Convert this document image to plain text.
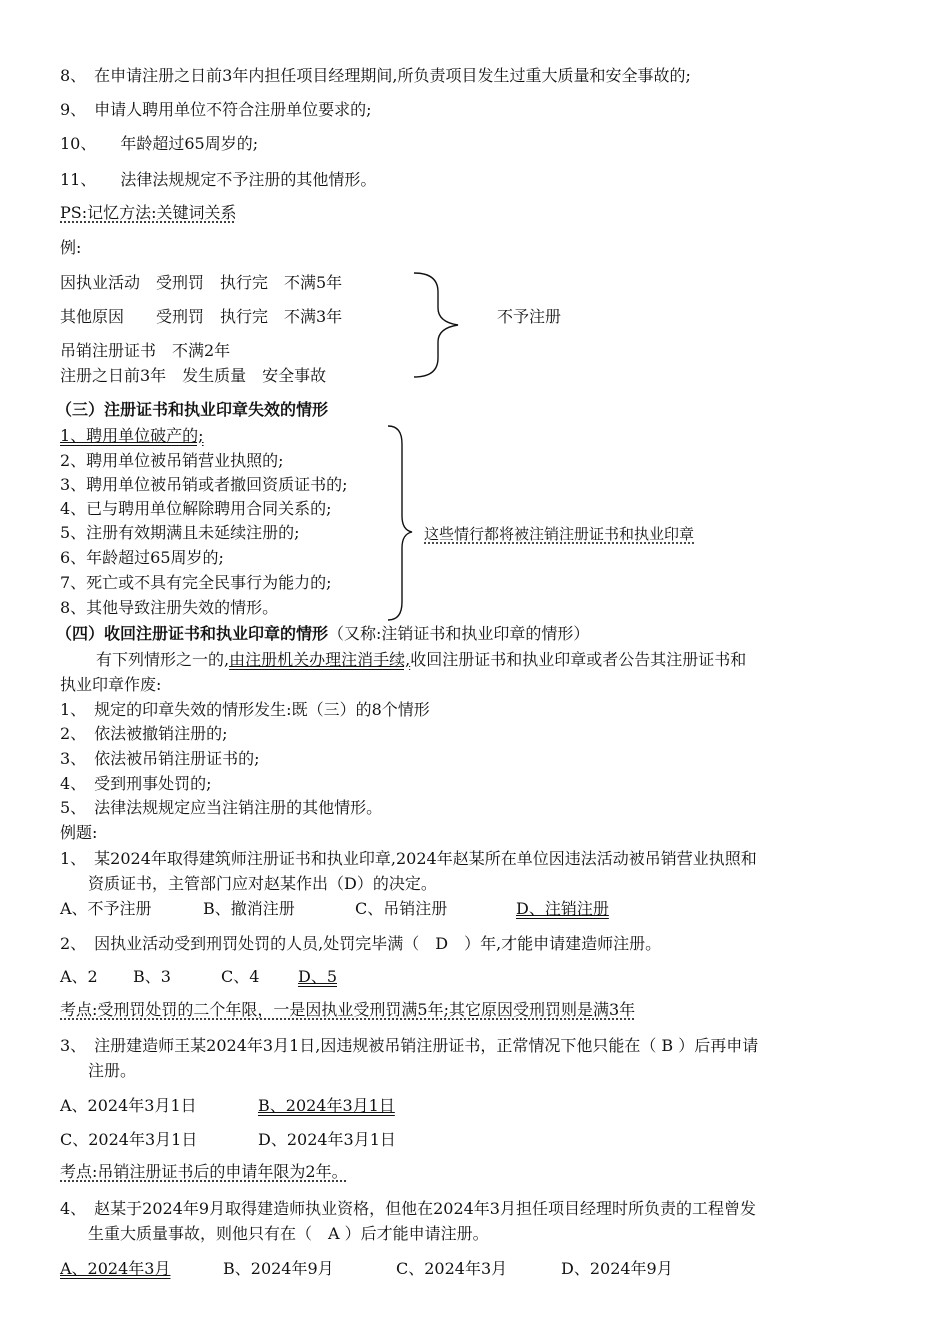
8、　在申请注册之日前3年内担任项目经理期间,所负责项目发生过重大质量和安全事故的;
9、　申请人聘用单位不符合注册单位要求的;
10、　　年龄超过65周岁的;
11、　　法律法规规定不予注册的其他情形。
PS:记忆方法:关键词关系
例:
因执业活动　受刑罚　执行完　不满5年
其他原因　　受刑罚　执行完　不满3年
吊销注册证书　不满2年
注册之日前3年　发生质量　安全事故
不予注册
（三）注册证书和执业印章失效的情形
1、聘用单位破产的;
2、聘用单位被吊销营业执照的;
3、聘用单位被吊销或者撤回资质证书的;
4、已与聘用单位解除聘用合同关系的;
5、注册有效期满且未延续注册的;
6、年龄超过65周岁的;
7、死亡或不具有完全民事行为能力的;
8、其他导致注册失效的情形。
这些情行都将被注销注册证书和执业印章
（四）收回注册证书和执业印章的情形（又称:注销证书和执业印章的情形）
有下列情形之一的,由注册机关办理注消手续,收回注册证书和执业印章或者公告其注册证书和
执业印章作废:
1、　规定的印章失效的情形发生:既（三）的8个情形
2、　依法被撤销注册的;
3、　依法被吊销注册证书的;
4、　受到刑事处罚的;
5、　法律法规规定应当注销注册的其他情形。
例题:
1、　某2024年取得建筑师注册证书和执业印章,2024年赵某所在单位因违法活动被吊销营业执照和
资质证书，主管部门应对赵某作出（D）的决定。
A、不予注册	B、撤消注册	C、吊销注册	D、注销注册
2、　因执业活动受到刑罚处罚的人员,处罚完毕满（　D　）年,才能申请建造师注册。
A、2 B、3	C、4 D、5
考点:受刑罚处罚的二个年限，一是因执业受刑罚满5年;其它原因受刑罚则是满3年
3、　注册建造师王某2024年3月1日,因违规被吊销注册证书，正常情况下他只能在（ B ）后再申请
注册。
A、2024年3月1日	B、2024年3月1日
C、2024年3月1日	D、2024年3月1日
考点:吊销注册证书后的申请年限为2年。
4、　赵某于2024年9月取得建造师执业资格，但他在2024年3月担任项目经理时所负责的工程曾发
生重大质量事故，则他只有在（　A ）后才能申请注册。
A、2024年3月	B、2024年9月	C、2024年3月	D、2024年9月
